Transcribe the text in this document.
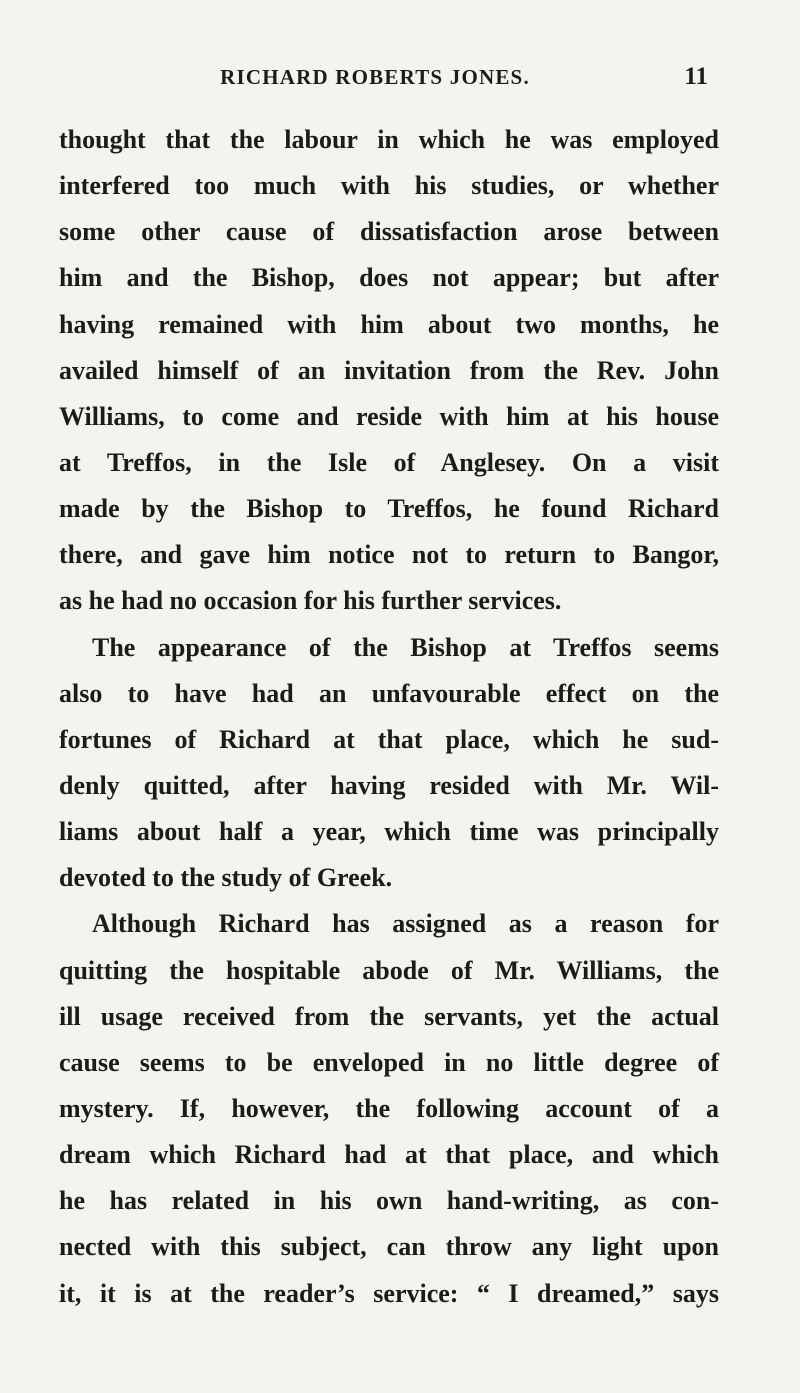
RICHARD ROBERTS JONES.	11
thought that the labour in which he was employed
interfered too much with his studies, or whether
some other cause of dissatisfaction arose between
him and the Bishop, does not appear; but after
having remained with him about two months, he
availed himself of an invitation from the Rev. John
Williams, to come and reside with him at his house
at Treffos, in the Isle of Anglesey. On a visit
made by the Bishop to Treffos, he found Richard
there, and gave him notice not to return to Bangor,
as he had no occasion for his further services.
The appearance of the Bishop at Treffos seems
also to have had an unfavourable effect on the
fortunes of Richard at that place, which he sud-
denly quitted, after having resided with Mr. Wil-
liams about half a year, which time was principally
devoted to the study of Greek.
Although Richard has assigned as a reason for
quitting the hospitable abode of Mr. Williams, the
ill usage received from the servants, yet the actual
cause seems to be enveloped in no little degree of
mystery. If, however, the following account of a
dream which Richard had at that place, and which
he has related in his own hand-writing, as con-
nected with this subject, can throw any light upon
it, it is at the reader’s service: “ I dreamed,” says
